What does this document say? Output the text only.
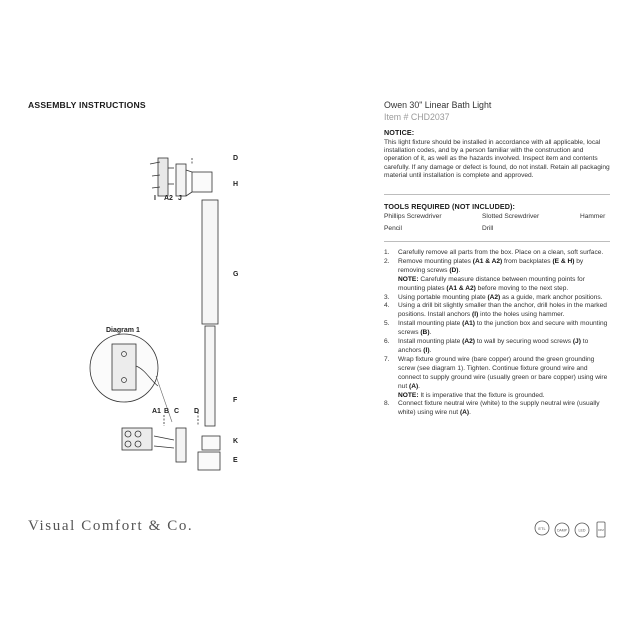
ASSEMBLY INSTRUCTIONS	Owen 30" Linear Bath Light
Item # CHD2037
NOTICE:
This light fixture should be installed in accordance with all applicable, local installation codes, and by a person familiar with the construction and operation of it, as well as the hazards involved. Inspect item and contents carefully. If any damage or defect is found, do not install. Retain all packaging material until installation is complete and approved.
TOOLS REQUIRED (NOT INCLUDED):
Phillips Screwdriver	Slotted Screwdriver	Hammer
Pencil	Drill
1. Carefully remove all parts from the box. Place on a clean, soft surface.
2. Remove mounting plates (A1 & A2) from backplates (E & H) by removing screws (D).
NOTE: Carefully measure distance between mounting points for mounting plates (A1 & A2) before moving to the next step.
3. Using portable mounting plate (A2) as a guide, mark anchor positions.
4. Using a drill bit slightly smaller than the anchor, drill holes in the marked positions. Install anchors (I) into the holes using hammer.
5. Install mounting plate (A1) to the junction box and secure with mounting screws (B).
6. Install mounting plate (A2) to wall by securing wood screws (J) to anchors (I).
7. Wrap fixture ground wire (bare copper) around the green grounding screw (see diagram 1). Tighten. Continue fixture ground wire and connect to supply ground wire (usually green or bare copper) using wire nut (A).
NOTE: It is imperative that the fixture is grounded.
8. Connect fixture neutral wire (white) to the supply neutral wire (usually white) using wire nut (A).
D
H
I A2 J
G
Diagram 1
F
A1 B C D
K
E
Visual Comfort & Co.	ETL	DAMP	LED	DIM
